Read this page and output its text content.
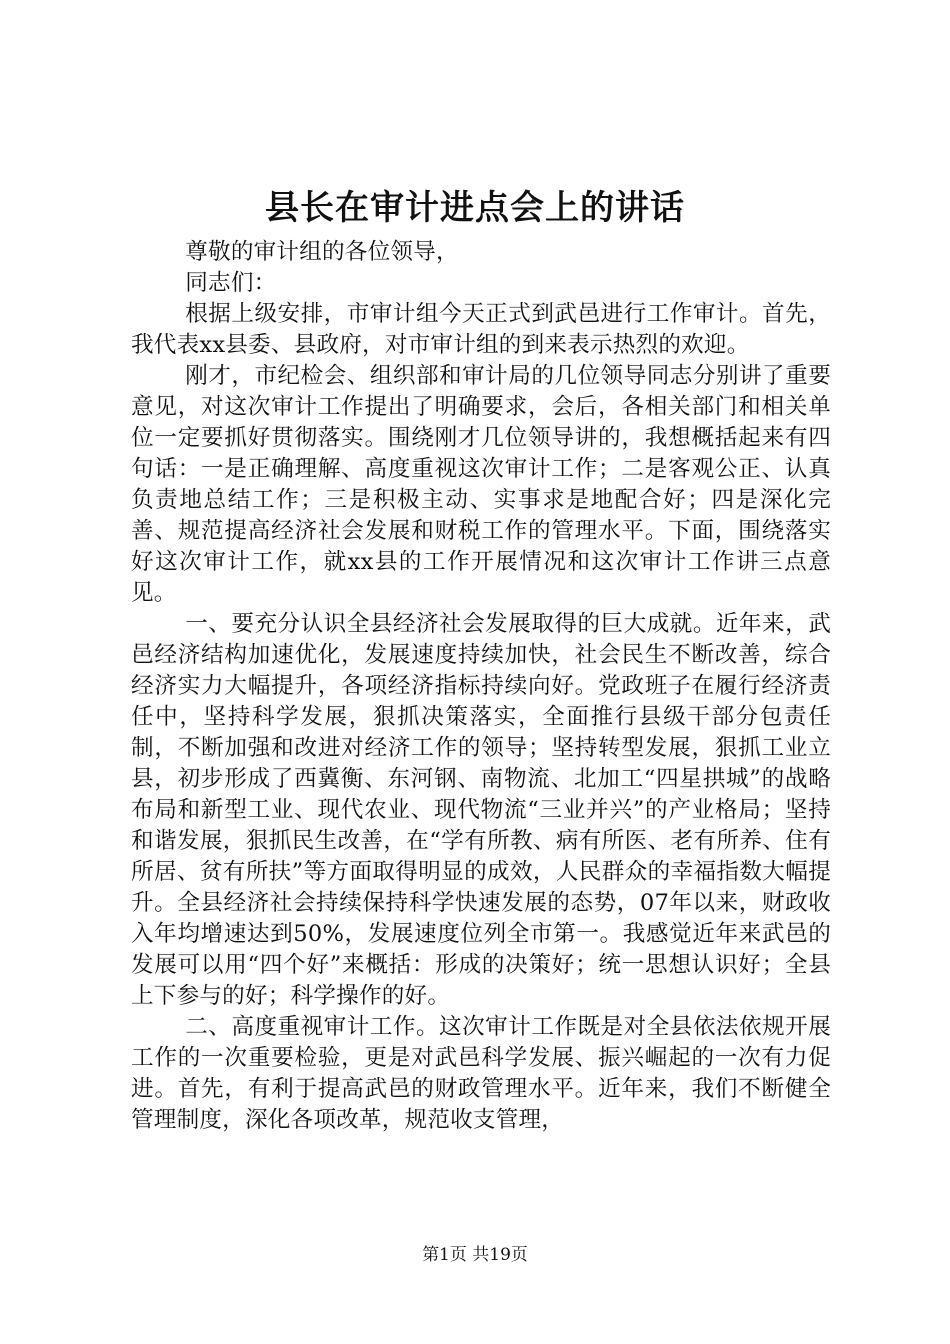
县长在审计进点会上的讲话

尊敬的审计组的各位领导，

同志们：

根据上级安排，市审计组今天正式到武邑进行工作审计。首先，我代表xx县委、县政府，对市审计组的到来表示热烈的欢迎。

刚才，市纪检会、组织部和审计局的几位领导同志分别讲了重要意见，对这次审计工作提出了明确要求，会后，各相关部门和相关单位一定要抓好贯彻落实。围绕刚才几位领导讲的，我想概括起来有四句话：一是正确理解、高度重视这次审计工作；二是客观公正、认真负责地总结工作；三是积极主动、实事求是地配合好；四是深化完善、规范提高经济社会发展和财税工作的管理水平。下面，围绕落实好这次审计工作，就xx县的工作开展情况和这次审计工作讲三点意见。

一、要充分认识全县经济社会发展取得的巨大成就。近年来，武邑经济结构加速优化，发展速度持续加快，社会民生不断改善，综合经济实力大幅提升，各项经济指标持续向好。党政班子在履行经济责任中，坚持科学发展，狠抓决策落实，全面推行县级干部分包责任制，不断加强和改进对经济工作的领导；坚持转型发展，狠抓工业立县，初步形成了西冀衡、东河钢、南物流、北加工“四星拱城”的战略布局和新型工业、现代农业、现代物流“三业并兴”的产业格局；坚持和谐发展，狠抓民生改善，在“学有所教、病有所医、老有所养、住有所居、贫有所扶”等方面取得明显的成效，人民群众的幸福指数大幅提升。全县经济社会持续保持科学快速发展的态势，07年以来，财政收入年均增速达到50%，发展速度位列全市第一。我感觉近年来武邑的发展可以用“四个好”来概括：形成的决策好；统一思想认识好；全县上下参与的好；科学操作的好。

二、高度重视审计工作。这次审计工作既是对全县依法依规开展工作的一次重要检验，更是对武邑科学发展、振兴崛起的一次有力促进。首先，有利于提高武邑的财政管理水平。近年来，我们不断健全管理制度，深化各项改革，规范收支管理，

第1页 共19页
